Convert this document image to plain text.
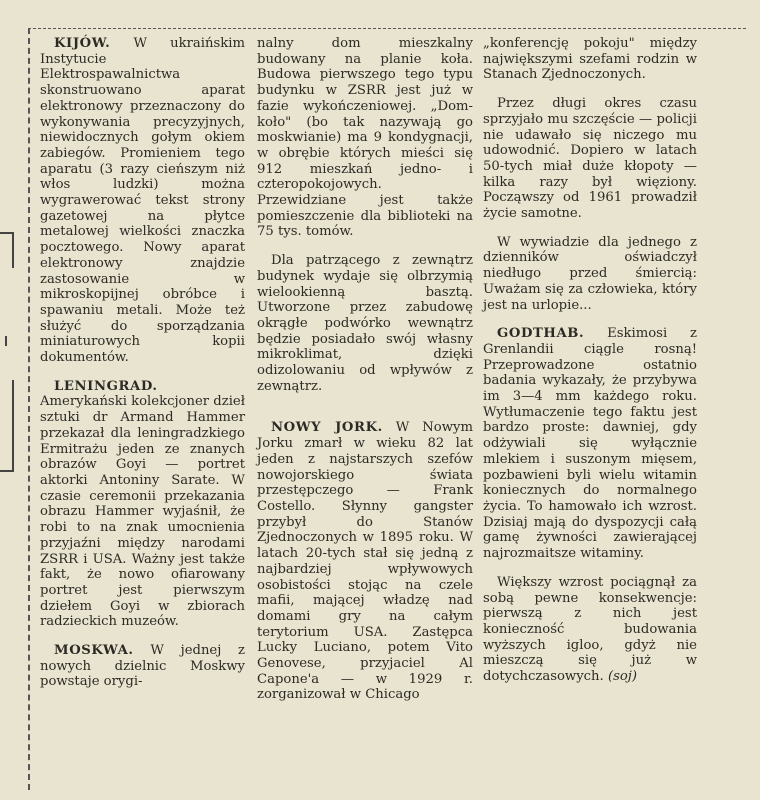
KIJÓW. W ukraińskim Instytucie Elektrospawalnictwa skonstruowano aparat elektronowy przeznaczony do wykonywania precyzyjnych, niewidocznych gołym okiem zabiegów. Promieniem tego aparatu (3 razy cieńszym niż włos ludzki) można wygrawerować tekst strony gazetowej na płytce metalowej wielkości znaczka pocztowego. Nowy aparat elektronowy znajdzie zastosowanie w mikroskopijnej obróbce i spawaniu metali. Może też służyć do sporządzania miniaturowych kopii dokumentów.

LENINGRAD. Amerykański kolekcjoner dzieł sztuki dr Armand Hammer przekazał dla leningradzkiego Ermitrażu jeden ze znanych obrazów Goyi — portret aktorki Antoniny Sarate. W czasie ceremonii przekazania obrazu Hammer wyjaśnił, że robi to na znak umocnienia przyjaźni między narodami ZSRR i USA. Ważny jest także fakt, że nowo ofiarowany portret jest pierwszym dziełem Goyi w zbiorach radzieckich muzeów.

MOSKWA. W jednej z nowych dzielnic Moskwy powstaje orygi-

nalny dom mieszkalny budowany na planie koła. Budowa pierwszego tego typu budynku w ZSRR jest już w fazie wykończeniowej. „Dom-koło" (bo tak nazywają go moskwianie) ma 9 kondygnacji, w obrębie których mieści się 912 mieszkań jedno- i czteropokojowych. Przewidziane jest także pomieszczenie dla biblioteki na 75 tys. tomów.

Dla patrzącego z zewnątrz budynek wydaje się olbrzymią wielookienną basztą. Utworzone przez zabudowę okrągłe podwórko wewnątrz będzie posiadało swój własny mikroklimat, dzięki odizolowaniu od wpływów z zewnątrz.

NOWY JORK. W Nowym Jorku zmarł w wieku 82 lat jeden z najstarszych szefów nowojorskiego świata przestępczego — Frank Costello. Słynny gangster przybył do Stanów Zjednoczonych w 1895 roku. W latach 20-tych stał się jedną z najbardziej wpływowych osobistości stojąc na czele mafii, mającej władzę nad domami gry na całym terytorium USA. Zastępca Lucky Luciano, potem Vito Genovese, przyjaciel Al Capone'a — w 1929 r. zorganizował w Chicago

„konferencję pokoju" między największymi szefami rodzin w Stanach Zjednoczonych.

Przez długi okres czasu sprzyjało mu szczęście — policji nie udawało się niczego mu udowodnić. Dopiero w latach 50-tych miał duże kłopoty — kilka razy był więziony. Począwszy od 1961 prowadził życie samotne.

W wywiadzie dla jednego z dzienników oświadczył niedługo przed śmiercią: Uważam się za człowieka, który jest na urlopie...

GODTHAB. Eskimosi z Grenlandii ciągle rosną! Przeprowadzone ostatnio badania wykazały, że przybywa im 3—4 mm każdego roku. Wytłumaczenie tego faktu jest bardzo proste: dawniej, gdy odżywiali się wyłącznie mlekiem i suszonym mięsem, pozbawieni byli wielu witamin koniecznych do normalnego życia. To hamowało ich wzrost. Dzisiaj mają do dyspozycji całą gamę żywności zawierającej najrozmaitsze witaminy.

Większy wzrost pociągnął za sobą pewne konsekwencje: pierwszą z nich jest konieczność budowania wyższych igloo, gdyż nie mieszczą się już w dotychczasowych. (soj)
